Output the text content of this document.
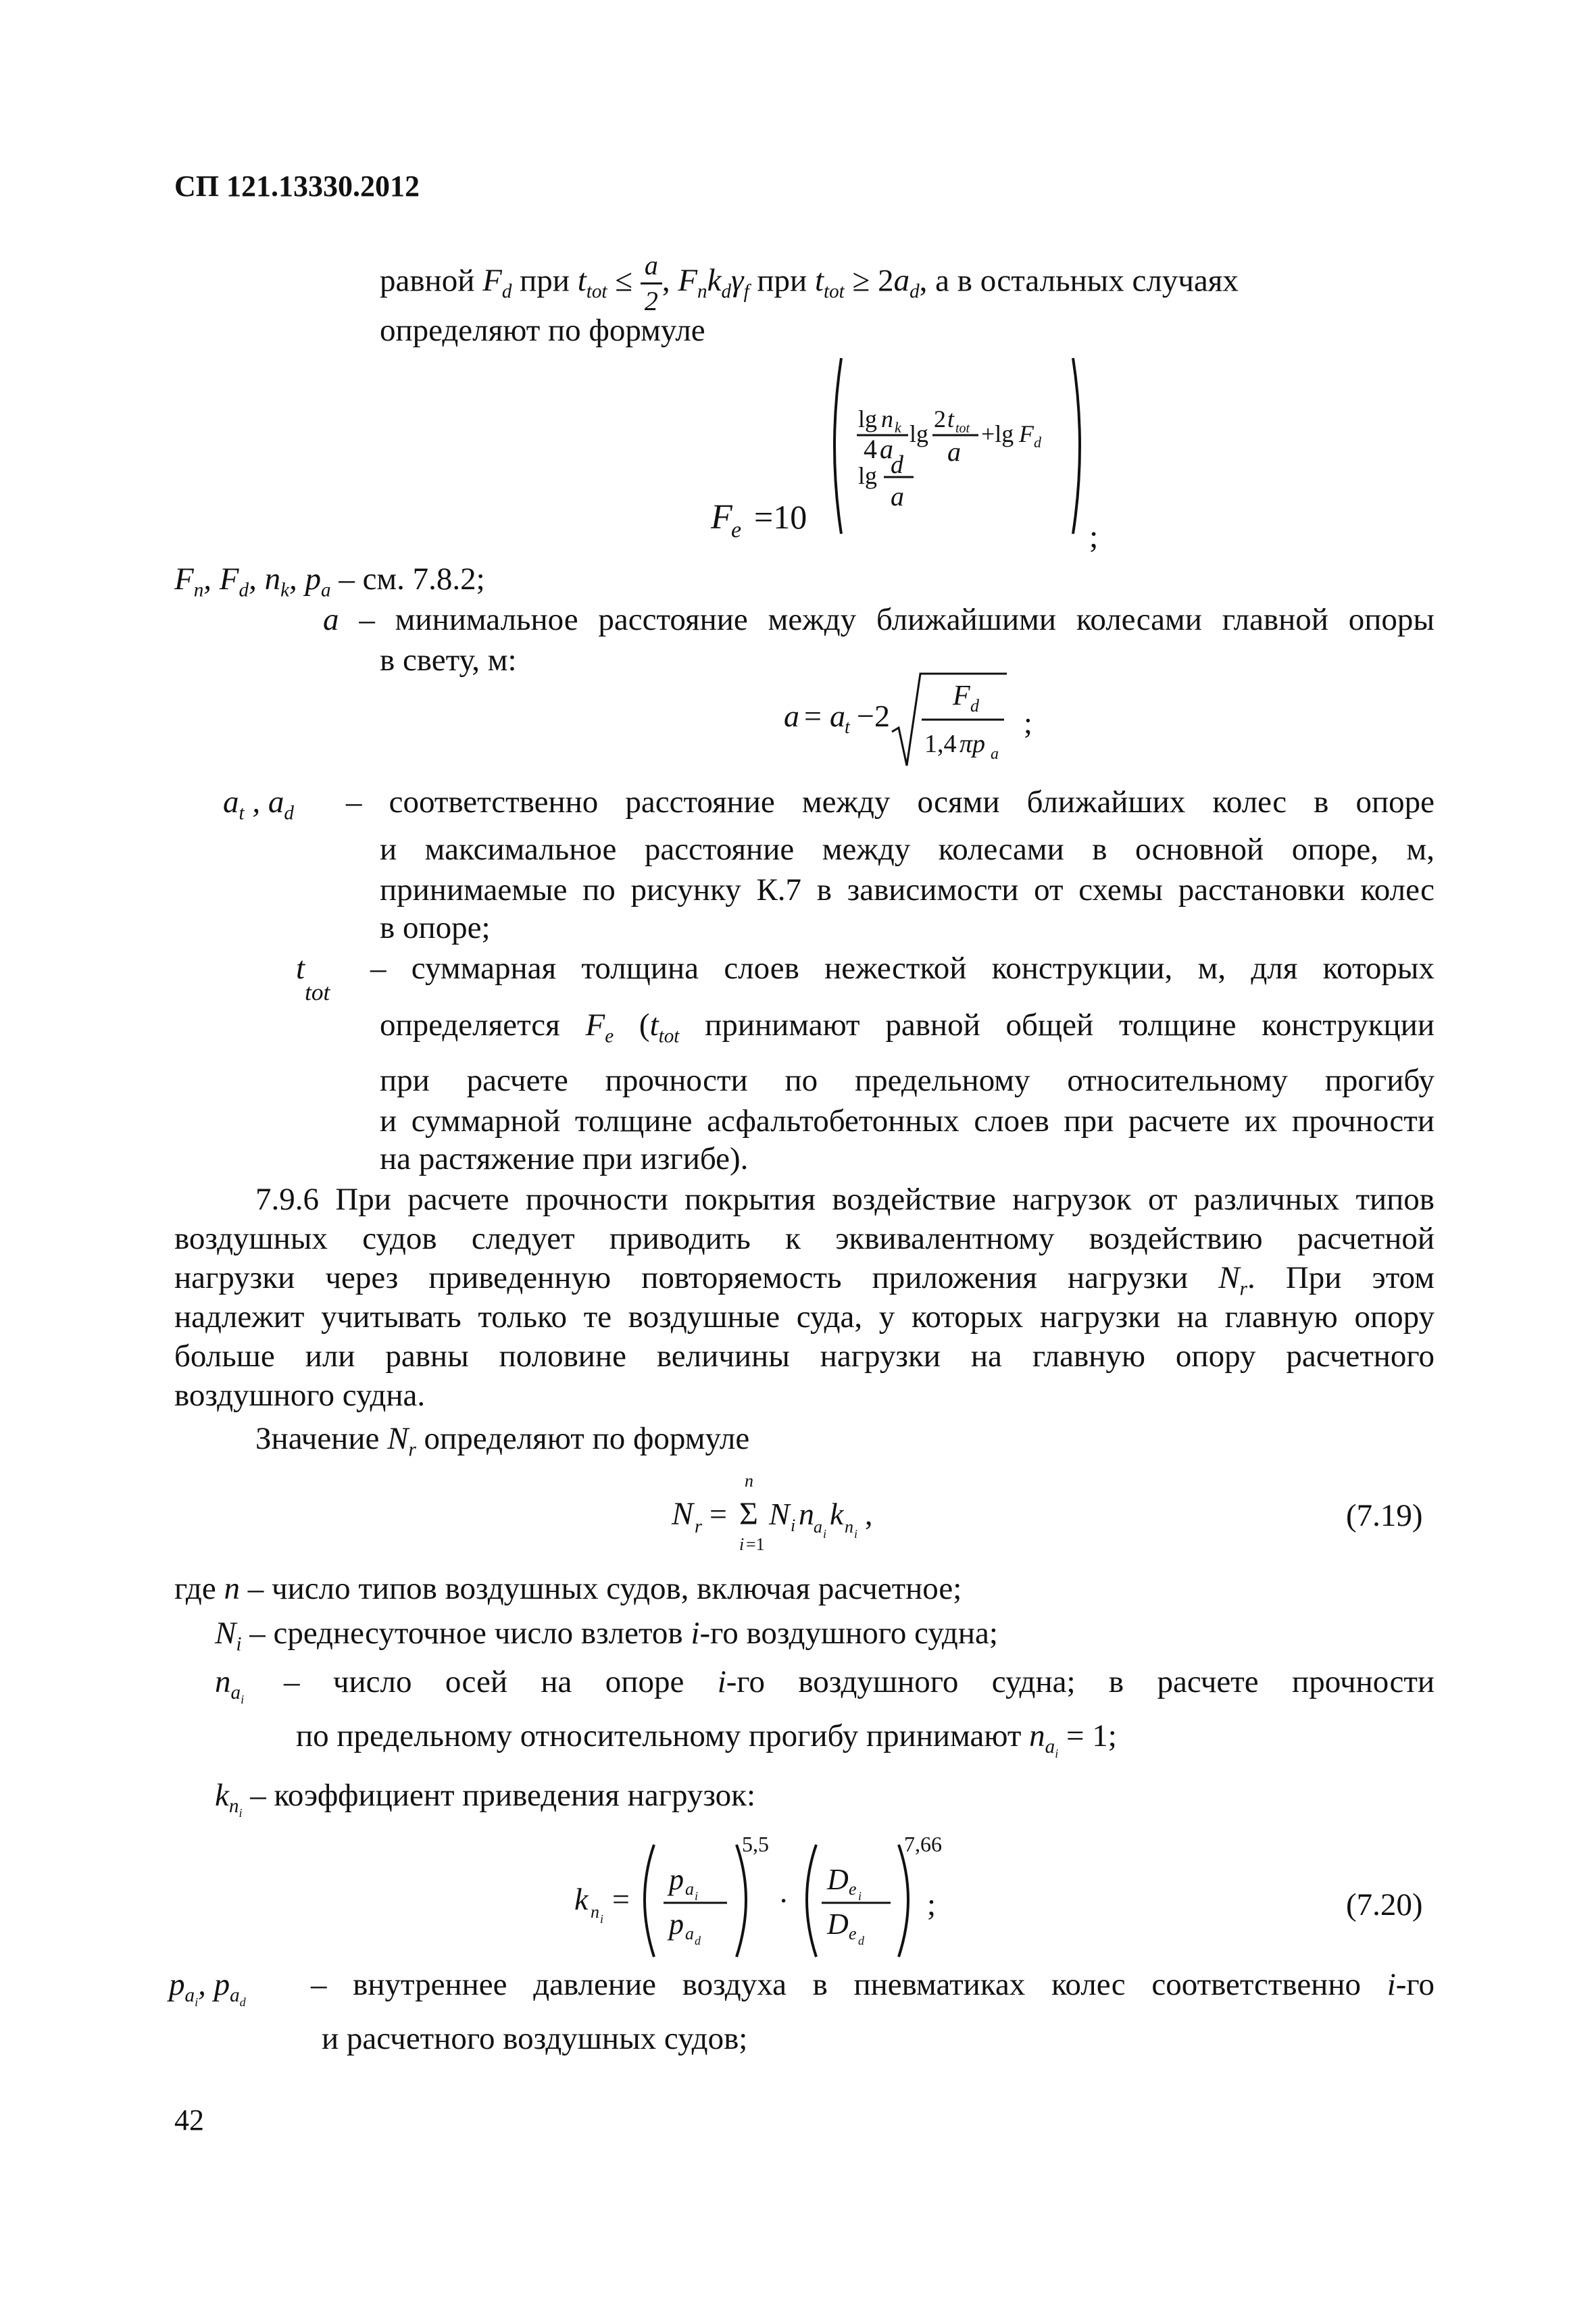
СП 121.13330.2012
равной $F_d$ при $t_{tot} \le \frac{a}{2}$ , $F_nk_d\gamma_f$ при $t_{tot} \ge 2a_d$, а в остальных случаях
определяют по формуле
F
e =10
lg n k
4 a lg
2 t tot
a
+lg F d
lg d
a
;
$F_n$, $F_d$, $n_k$, $p_a$ – см. 7.8.2;
a – минимальное расстояние между ближайшими колесами главной опоры
в свету, м:
a = a t −2
F d
1,4 πp a
;
$a_t$ , $a_d$ – соответственно расстояние между осями ближайших колес в опоре
и максимальное расстояние между колесами в основной опоре, м,
принимаемые по рисунку К.7 в зависимости от схемы расстановки колес
в опоре;
$t_{tot}$
– суммарная толщина слоев нежесткой конструкции, м, для которых
определяется $F_e$ ($t_{tot}$ принимают равной общей толщине конструкции
при расчете прочности по предельному относительному прогибу
и суммарной толщине асфальтобетонных слоев при расчете их прочности
на растяжение при изгибе).
7.9.6 При расчете прочности покрытия воздействие нагрузок от различных типов
воздушных судов следует приводить к эквивалентному воздействию расчетной
нагрузки через приведенную повторяемость приложения нагрузки $N_r$. При этом
надлежит учитывать только те воздушные суда, у которых нагрузки на главную опору
больше или равны половине величины нагрузки на главную опору расчетного
воздушного судна.
Значение $N_r$ определяют по формуле
N r =
n
Σ
i =1
N i n a i
k n i
,	(7.19)
где n – число типов воздушных судов, включая расчетное;
$N_i$ – среднесуточное число взлетов i-го воздушного судна;
$n_{a_i}$
– число осей на опоре i-го воздушного судна; в расчете прочности
по предельному относительному прогибу принимают $n_{a_i} = 1$;
$k_{n_i}$ – коэффициент приведения нагрузок:
k n i
=
p a i
p a d
5,5
·
D e i
D e d
7,66
;	(7.20)
$p_{a_i}$, $p_{a_d}$
– внутреннее давление воздуха в пневматиках колес соответственно i-го
и расчетного воздушных судов;
42
